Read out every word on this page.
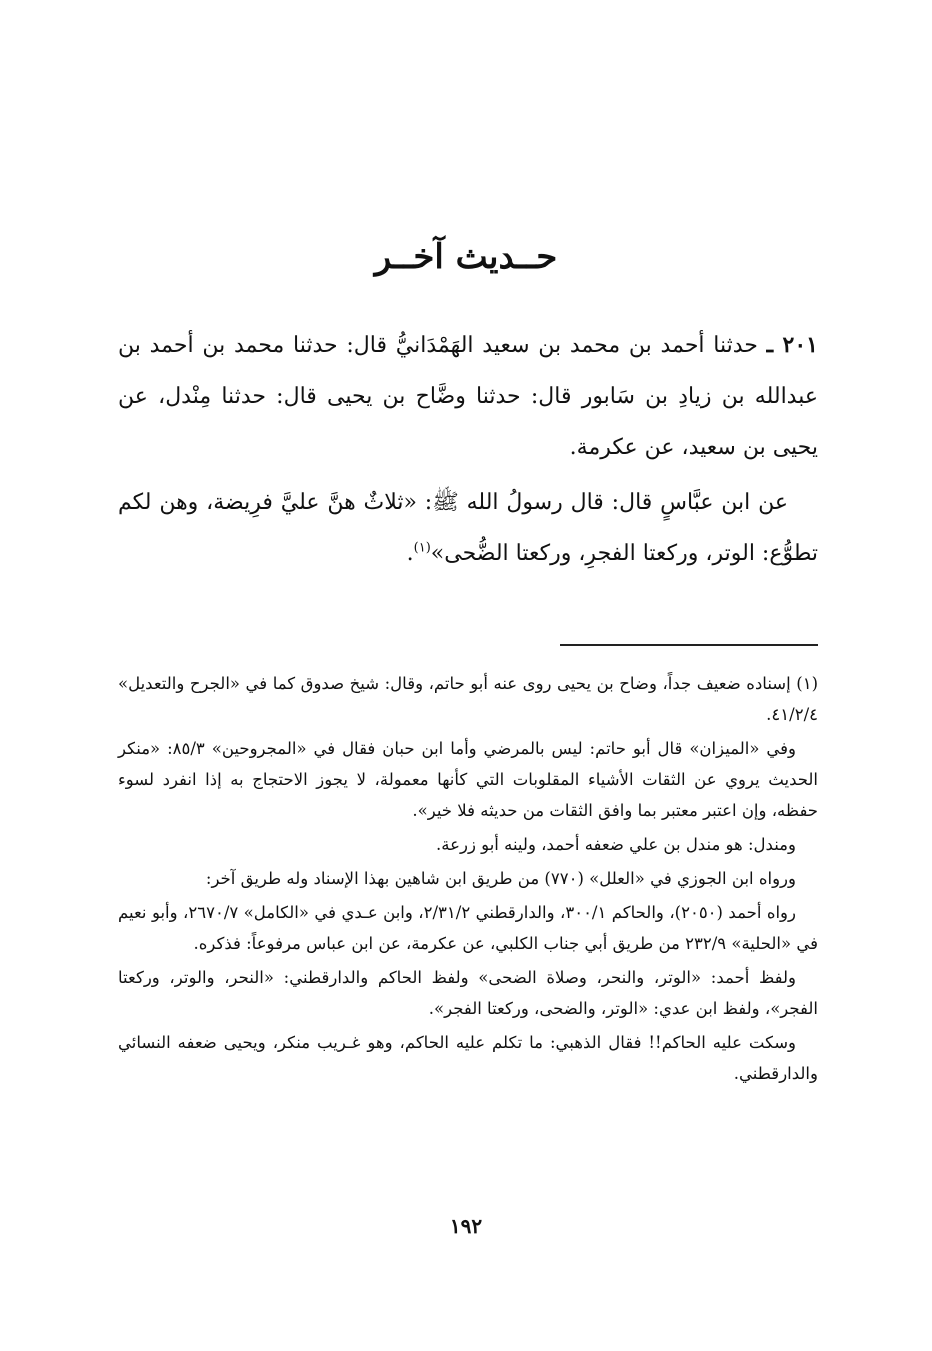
حــديث آخــر

٢٠١ ـ حدثنا أحمد بن محمد بن سعيد الهَمْدَانيُّ قال: حدثنا محمد بن أحمد بن عبدالله بن زيادِ بن سَابور قال: حدثنا وضَّاح بن يحيى قال: حدثنا مِنْدل، عن يحيى بن سعيد، عن عكرمة.

عن ابن عبَّاسٍ قال: قال رسولُ الله ﷺ: «ثلاثٌ هنَّ عليَّ فرِيضة، وهن لكم تطوُّع: الوتر، وركعتا الفجرِ، وركعتا الضُّحى»$^{(١)}$.

(١) إسناده ضعيف جداً، وضاح بن يحيى روى عنه أبو حاتم، وقال: شيخ صدوق كما في «الجرح والتعديل» ٤١/٢/٤.

وفي «الميزان» قال أبو حاتم: ليس بالمرضي وأما ابن حبان فقال في «المجروحين» ٨٥/٣: «منكر الحديث يروي عن الثقات الأشياء المقلوبات التي كأنها معمولة، لا يجوز الاحتجاج به إذا انفرد لسوء حفظه، وإن اعتبر معتبر بما وافق الثقات من حديثه فلا خير».

ومندل: هو مندل بن علي ضعفه أحمد، ولينه أبو زرعة.

ورواه ابن الجوزي في «العلل» (٧٧٠) من طريق ابن شاهين بهذا الإسناد وله طريق آخر:

رواه أحمد (٢٠٥٠)، والحاكم ٣٠٠/١، والدارقطني ٢/٣١/٢، وابن عـدي في «الكامل» ٢٦٧٠/٧، وأبو نعيم في «الحلية» ٢٣٢/٩ من طريق أبي جناب الكلبي، عن عكرمة، عن ابن عباس مرفوعاً: فذكره.

ولفظ أحمد: «الوتر، والنحر، وصلاة الضحى» ولفظ الحاكم والدارقطني: «النحر، والوتر، وركعتا الفجر»، ولفظ ابن عدي: «الوتر، والضحى، وركعتا الفجر».

وسكت عليه الحاكم!! فقال الذهبي: ما تكلم عليه الحاكم، وهو غـريب منكر، ويحيى ضعفه النسائي والدارقطني.

١٩٢
